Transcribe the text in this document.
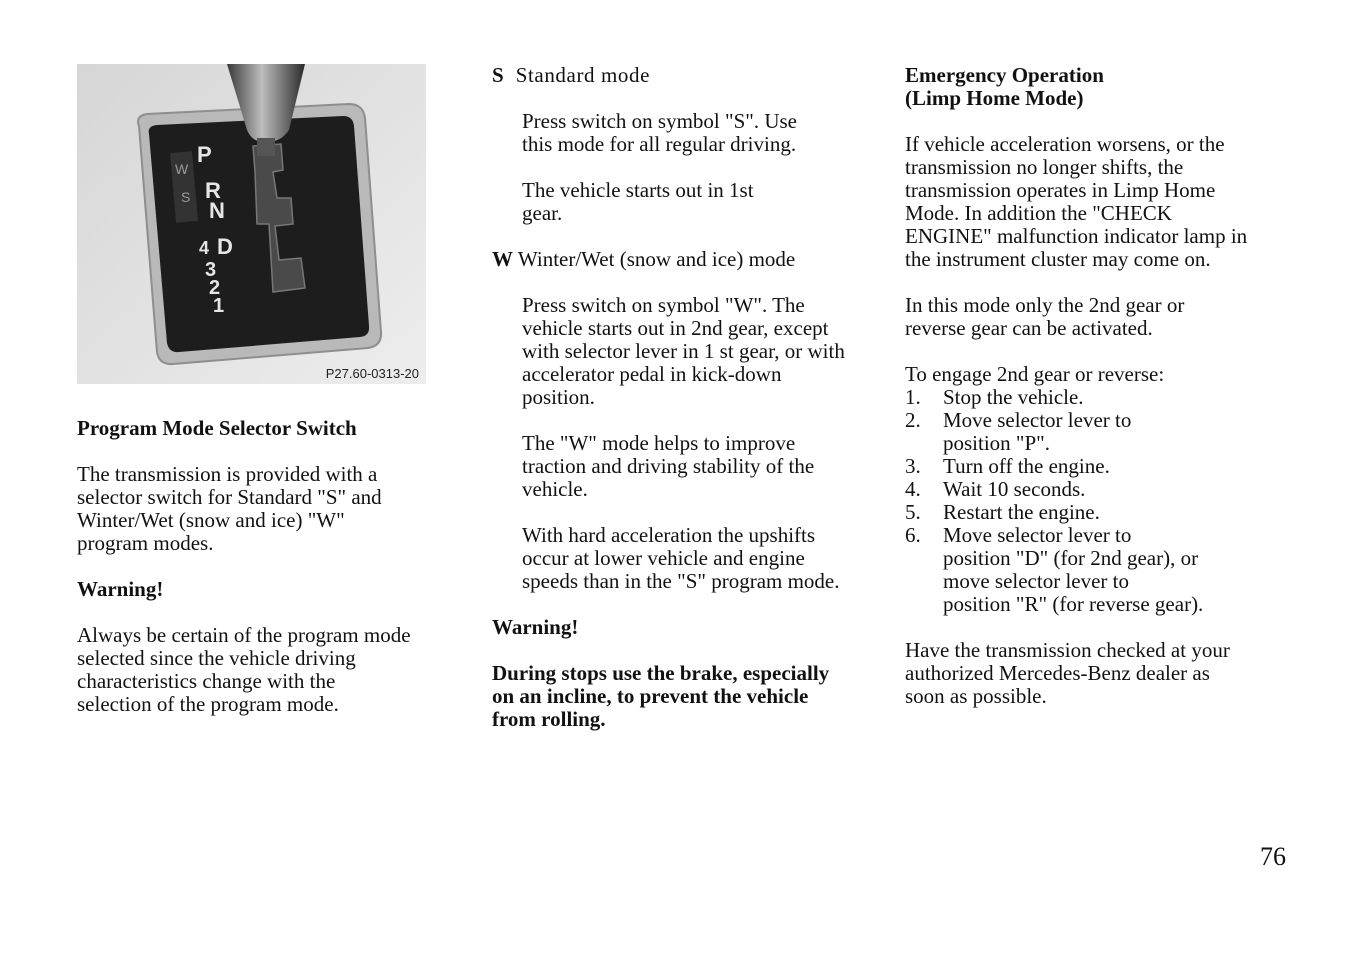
P
R
N
4 D
3
2
1
W
S
P27.60-0313-20

Program Mode Selector Switch

The transmission is provided with a
selector switch for Standard "S" and
Winter/Wet (snow and ice) "W"
program modes.

Warning!

Always be certain of the program mode
selected since the vehicle driving
characteristics change with the
selection of the program mode.

S Standard mode

Press switch on symbol "S". Use
this mode for all regular driving.

The vehicle starts out in 1st
gear.

W Winter/Wet (snow and ice) mode

Press switch on symbol "W". The
vehicle starts out in 2nd gear, except
with selector lever in 1 st gear, or with
accelerator pedal in kick-down
position.

The "W" mode helps to improve
traction and driving stability of the
vehicle.

With hard acceleration the upshifts
occur at lower vehicle and engine
speeds than in the "S" program mode.

Warning!

During stops use the brake, especially
on an incline, to prevent the vehicle
from rolling.

Emergency Operation
(Limp Home Mode)

If vehicle acceleration worsens, or the
transmission no longer shifts, the
transmission operates in Limp Home
Mode. In addition the "CHECK
ENGINE" malfunction indicator lamp in
the instrument cluster may come on.

In this mode only the 2nd gear or
reverse gear can be activated.

To engage 2nd gear or reverse:

1.	Stop the vehicle.
2.	Move selector lever to
position "P".
3.	Turn off the engine.
4.	Wait 10 seconds.
5.	Restart the engine.
6.	Move selector lever to
position "D" (for 2nd gear), or
move selector lever to
position "R" (for reverse gear).

Have the transmission checked at your
authorized Mercedes-Benz dealer as
soon as possible.

76
